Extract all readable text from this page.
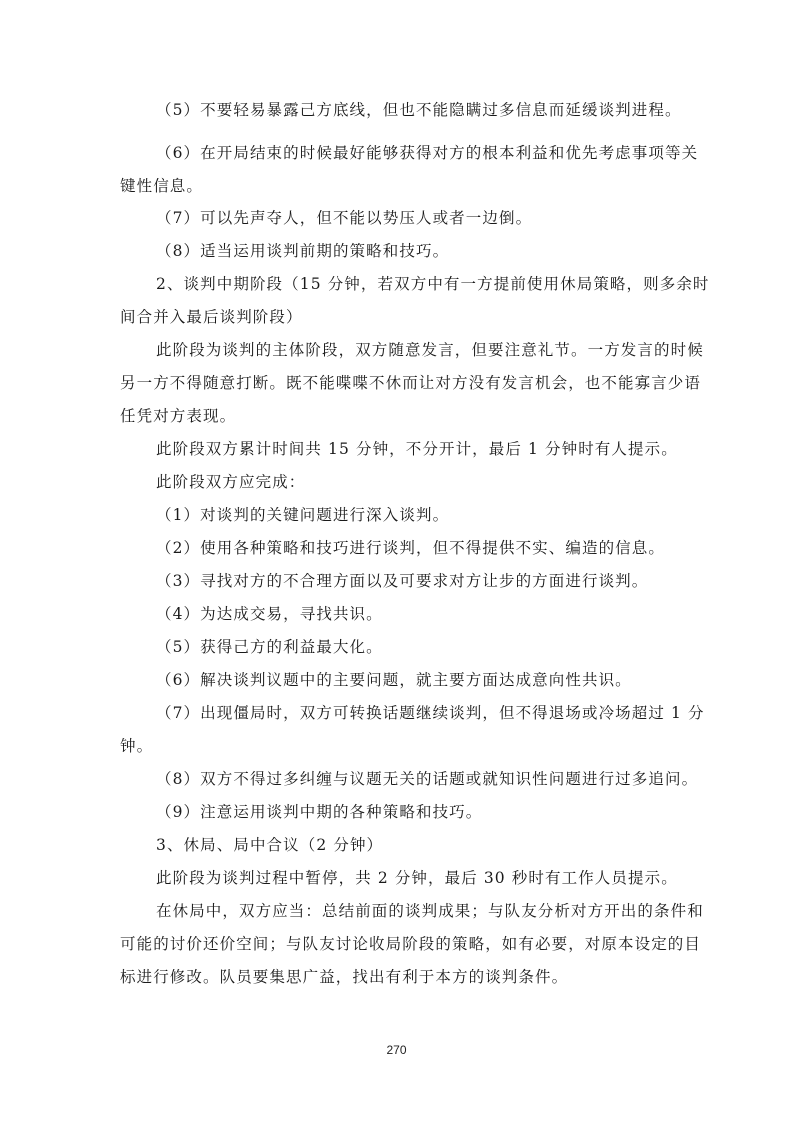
（5）不要轻易暴露己方底线，但也不能隐瞒过多信息而延缓谈判进程。
（6）在开局结束的时候最好能够获得对方的根本利益和优先考虑事项等关
键性信息。
（7）可以先声夺人，但不能以势压人或者一边倒。
（8）适当运用谈判前期的策略和技巧。
2、谈判中期阶段（15 分钟，若双方中有一方提前使用休局策略，则多余时
间合并入最后谈判阶段）
此阶段为谈判的主体阶段，双方随意发言，但要注意礼节。一方发言的时候
另一方不得随意打断。既不能喋喋不休而让对方没有发言机会，也不能寡言少语
任凭对方表现。
此阶段双方累计时间共 15 分钟，不分开计，最后 1 分钟时有人提示。
此阶段双方应完成：
（1）对谈判的关键问题进行深入谈判。
（2）使用各种策略和技巧进行谈判，但不得提供不实、编造的信息。
（3）寻找对方的不合理方面以及可要求对方让步的方面进行谈判。
（4）为达成交易，寻找共识。
（5）获得己方的利益最大化。
（6）解决谈判议题中的主要问题，就主要方面达成意向性共识。
（7）出现僵局时，双方可转换话题继续谈判，但不得退场或冷场超过 1 分
钟。
（8）双方不得过多纠缠与议题无关的话题或就知识性问题进行过多追问。
（9）注意运用谈判中期的各种策略和技巧。
3、休局、局中合议（2 分钟）
此阶段为谈判过程中暂停，共 2 分钟，最后 30 秒时有工作人员提示。
在休局中，双方应当：总结前面的谈判成果；与队友分析对方开出的条件和
可能的讨价还价空间；与队友讨论收局阶段的策略，如有必要，对原本设定的目
标进行修改。队员要集思广益，找出有利于本方的谈判条件。
270
